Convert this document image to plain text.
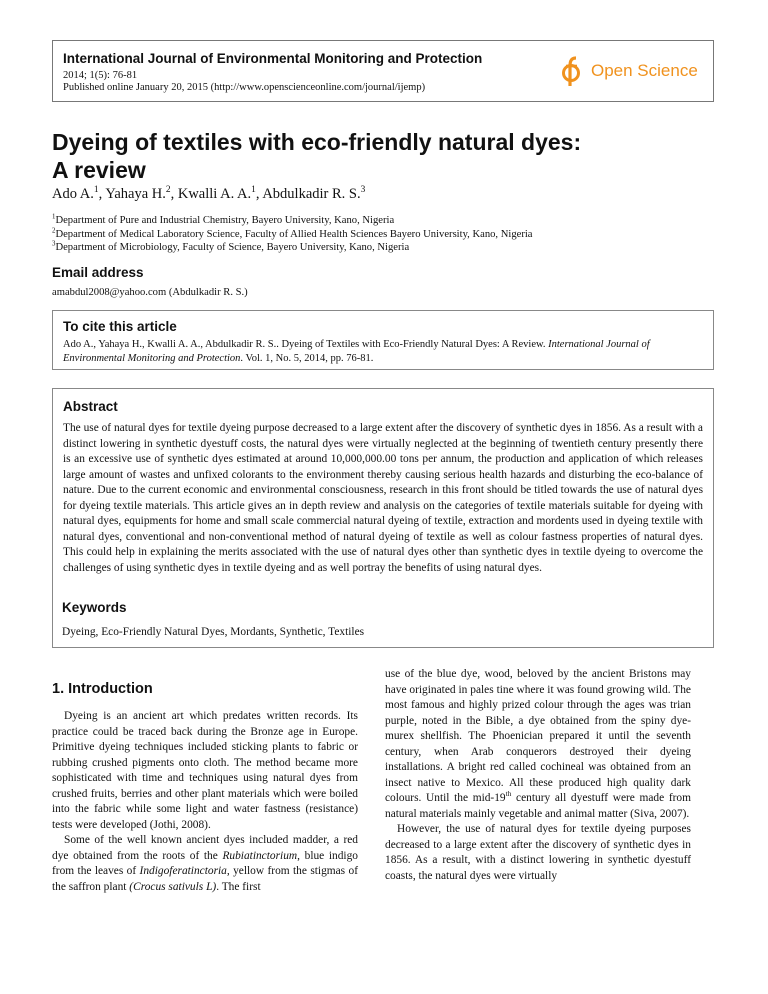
International Journal of Environmental Monitoring and Protection
2014; 1(5): 76-81
Published online January 20, 2015 (http://www.openscienceonline.com/journal/ijemp)
Open Science
Dyeing of textiles with eco-friendly natural dyes:
A review
Ado A.$^1$, Yahaya H.$^2$, Kwalli A. A.$^1$, Abdulkadir R. S.$^3$
$^1$Department of Pure and Industrial Chemistry, Bayero University, Kano, Nigeria
$^2$Department of Medical Laboratory Science, Faculty of Allied Health Sciences Bayero University, Kano, Nigeria
$^3$Department of Microbiology, Faculty of Science, Bayero University, Kano, Nigeria
Email address
amabdul2008@yahoo.com (Abdulkadir R. S.)
To cite this article
Ado A., Yahaya H., Kwalli A. A., Abdulkadir R. S.. Dyeing of Textiles with Eco-Friendly Natural Dyes: A Review. International Journal of Environmental Monitoring and Protection. Vol. 1, No. 5, 2014, pp. 76-81.
Abstract
The use of natural dyes for textile dyeing purpose decreased to a large extent after the discovery of synthetic dyes in 1856. As a result with a distinct lowering in synthetic dyestuff costs, the natural dyes were virtually neglected at the beginning of twentieth century presently there is an excessive use of synthetic dyes estimated at around 10,000,000.00 tons per annum, the production and application of which releases large amount of wastes and unfixed colorants to the environment thereby causing serious health hazards and disturbing the eco-balance of nature. Due to the current economic and environmental consciousness, research in this front should be titled towards the use of natural dyes for dyeing textile materials. This article gives an in depth review and analysis on the categories of textile materials suitable for dyeing with natural dyes, equipments for home and small scale commercial natural dyeing of textile, extraction and mordents used in dyeing textile with natural dyes, conventional and non-conventional method of natural dyeing of textile as well as colour fastness properties of natural dyes. This could help in explaining the merits associated with the use of natural dyes other than synthetic dyes in textile dyeing to overcome the challenges of using synthetic dyes in textile dyeing and as well portray the benefits of using natural dyes.
Keywords
Dyeing, Eco-Friendly Natural Dyes, Mordants, Synthetic, Textiles
1. Introduction

Dyeing is an ancient art which predates written records. Its practice could be traced back during the Bronze age in Europe. Primitive dyeing techniques included sticking plants to fabric or rubbing crushed pigments onto cloth. The method became more sophisticated with time and techniques using natural dyes from crushed fruits, berries and other plant materials which were boiled into the fabric while some light and water fastness (resistance) tests were developed (Jothi, 2008).

Some of the well known ancient dyes included madder, a red dye obtained from the roots of the Rubiatinctorium, blue indigo from the leaves of Indigoferatinctoria, yellow from the stigmas of the saffron plant (Crocus sativuls L). The first

use of the blue dye, wood, beloved by the ancient Bristons may have originated in pales tine where it was found growing wild. The most famous and highly prized colour through the ages was trian purple, noted in the Bible, a dye obtained from the spiny dye-murex shellfish. The Phoenician prepared it until the seventh century, when Arab conquerors destroyed their dyeing installations. A bright red called cochineal was obtained from an insect native to Mexico. All these produced high quality dark colours. Until the mid-19th century all dyestuff were made from natural materials mainly vegetable and animal matter (Siva, 2007).

However, the use of natural dyes for textile dyeing purposes decreased to a large extent after the discovery of synthetic dyes in 1856. As a result, with a distinct lowering in synthetic dyestuff coasts, the natural dyes were virtually
